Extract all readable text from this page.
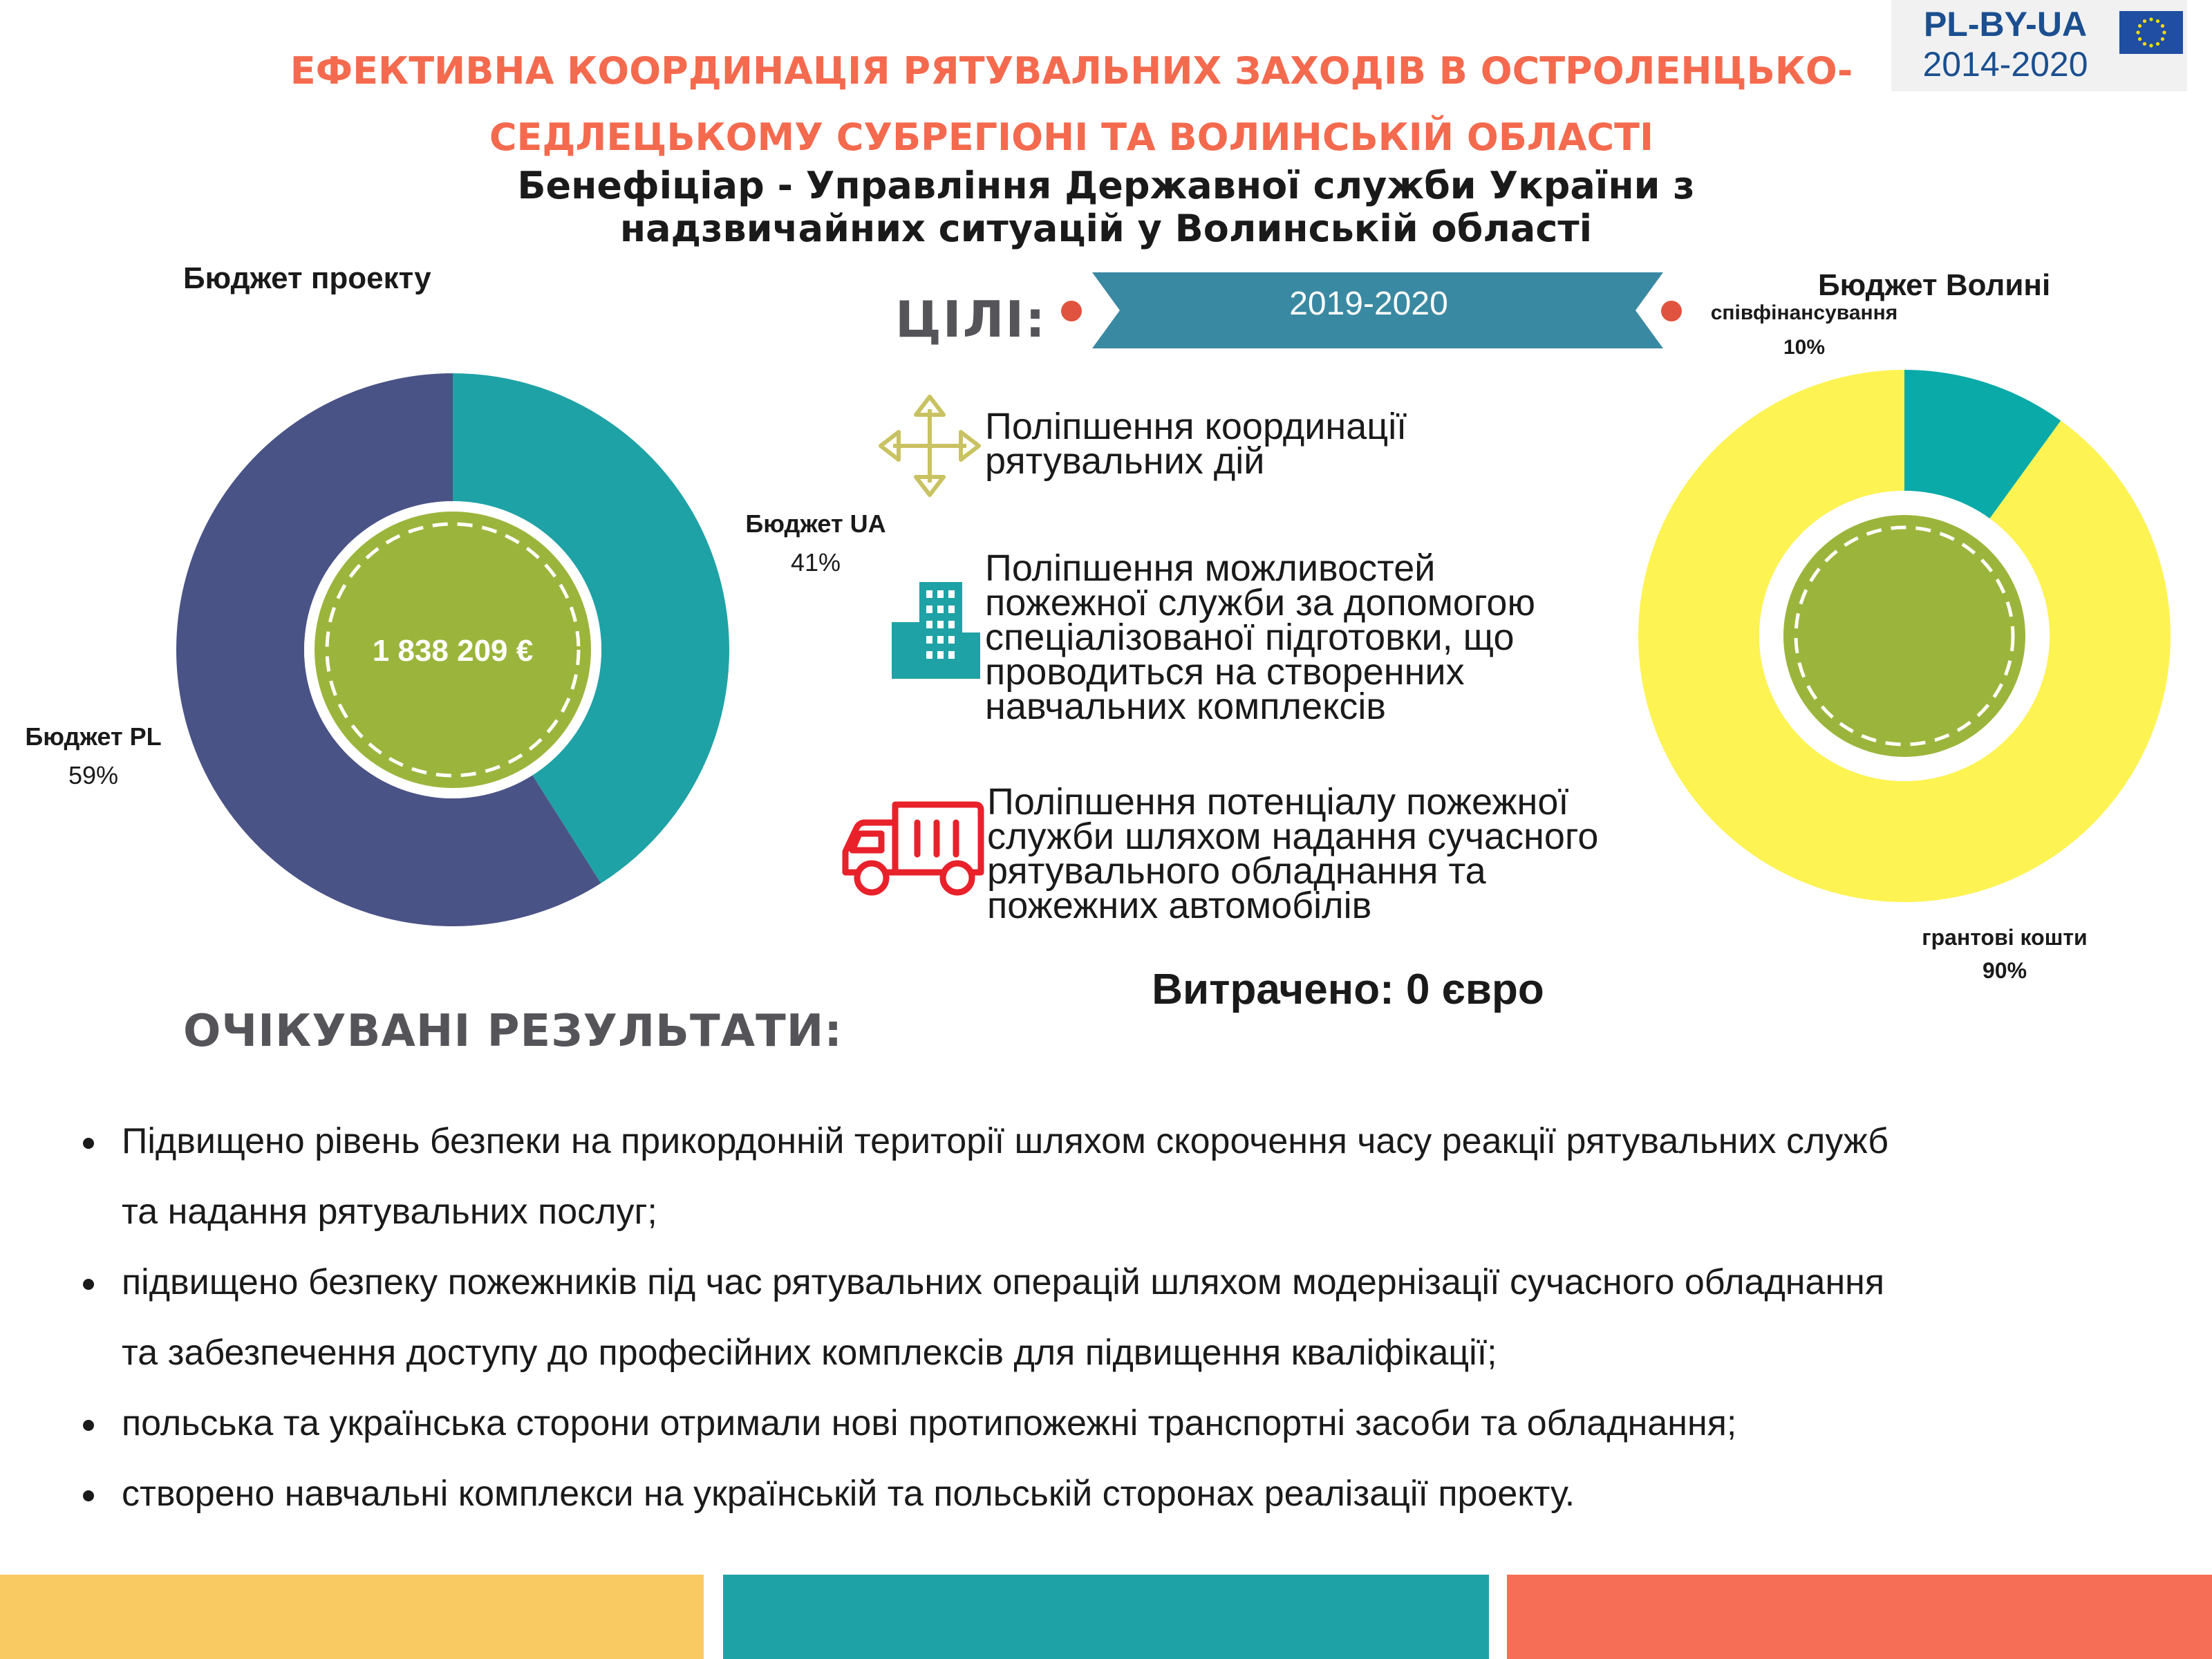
ЕФЕКТИВНА КООРДИНАЦІЯ РЯТУВАЛЬНИХ ЗАХОДІВ В ОСТРОЛЕНЦЬКО-
СЕДЛЕЦЬКОМУ СУБРЕГІОНІ ТА ВОЛИНСЬКІЙ ОБЛАСТІ
PL-BY-UA
2014-2020
Бенефіціар - Управління Державної служби України з
надзвичайних ситуацій у Волинській області
Бюджет проекту
1 838 209 €
Бюджет UA
41%
Бюджет PL
59%
Бюджет Волині
співфінансування
10%
грантові кошти
90%
ЦІЛІ:	2019-2020
Поліпшення координації
рятувальних дій
Поліпшення можливостей
пожежної служби за допомогою
спеціалізованої підготовки, що
проводиться на створенних
навчальних комплексів
Поліпшення потенціалу пожежної
служби шляхом надання сучасного
рятувального обладнання та
пожежних автомобілів
Витрачено: 0 євро
ОЧІКУВАНІ РЕЗУЛЬТАТИ:
Підвищено рівень безпеки на прикордонній території шляхом скорочення часу реакції рятувальних служб
та надання рятувальних послуг;
підвищено безпеку пожежників під час рятувальних операцій шляхом модернізації сучасного обладнання
та забезпечення доступу до професійних комплексів для підвищення кваліфікації;
польська та українська сторони отримали нові протипожежні транспортні засоби та обладнання;
створено навчальні комплекси на українській та польській сторонах реалізації проекту.
